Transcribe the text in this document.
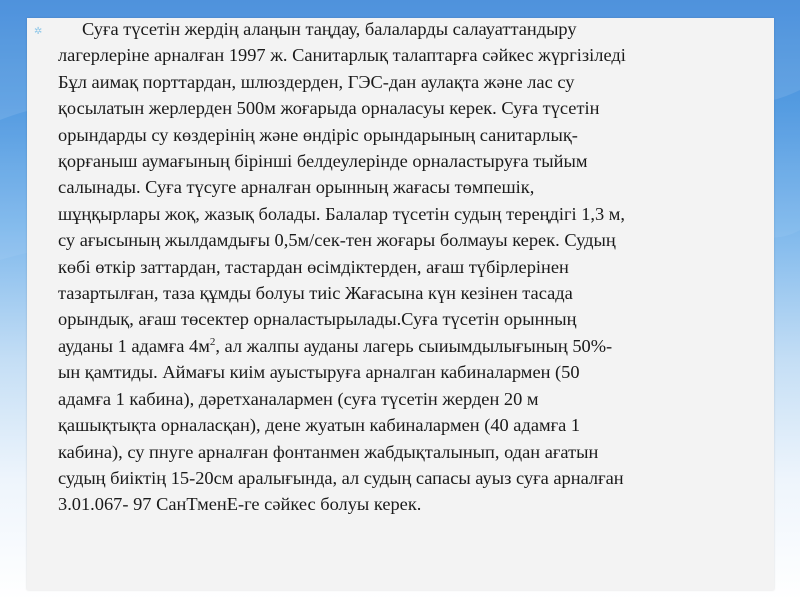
✲	Суға түсетін жердің алаңын таңдау, балаларды салауаттандыру
лагерлеріне арналған 1997 ж. Санитарлық талаптарға сәйкес жүргізіледі
Бұл аимақ порттардан, шлюздерден, ГЭС-дан аулақта және лас су
қосылатын жерлерден 500м жоғарыда орналасуы керек. Суға түсетін
орындарды су көздерінің және өндіріс орындарының санитарлық-
қорғаныш аумағының бірінші белдеулерінде орналастыруға тыйым
салынады. Суға түсуге арналған орынның жағасы төмпешік,
шұңқырлары жоқ, жазық болады. Балалар түсетін судың тереңдігі 1,3 м,
су ағысының жылдамдығы 0,5м/сек-тен жоғары болмауы керек. Судың
көбі өткір заттардан, тастардан өсімдіктерден, ағаш түбірлерінен
тазартылған, таза құмды болуы тиіс Жағасына күн кезінен тасада
орындық, ағаш төсектер орналастырылады.Суға түсетін орынның
ауданы 1 адамға $4м^2$, ал жалпы ауданы лагерь сыиымдылығының 50%-
ын қамтиды. Аймағы киім ауыстыруға арналган кабиналармен (50
адамға 1 кабина), дәретханалармен (суға түсетін жерден 20 м
қашықтықта орналасқан), дене жуатын кабиналармен (40 адамға 1
кабина), су пнуге арналған фонтанмен жабдықталынып, одан ағатын
судың биіктің 15-20см аралығында, ал судың сапасы ауыз суға арналған
3.01.067- 97 СанТменЕ-ге сәйкес болуы керек.
